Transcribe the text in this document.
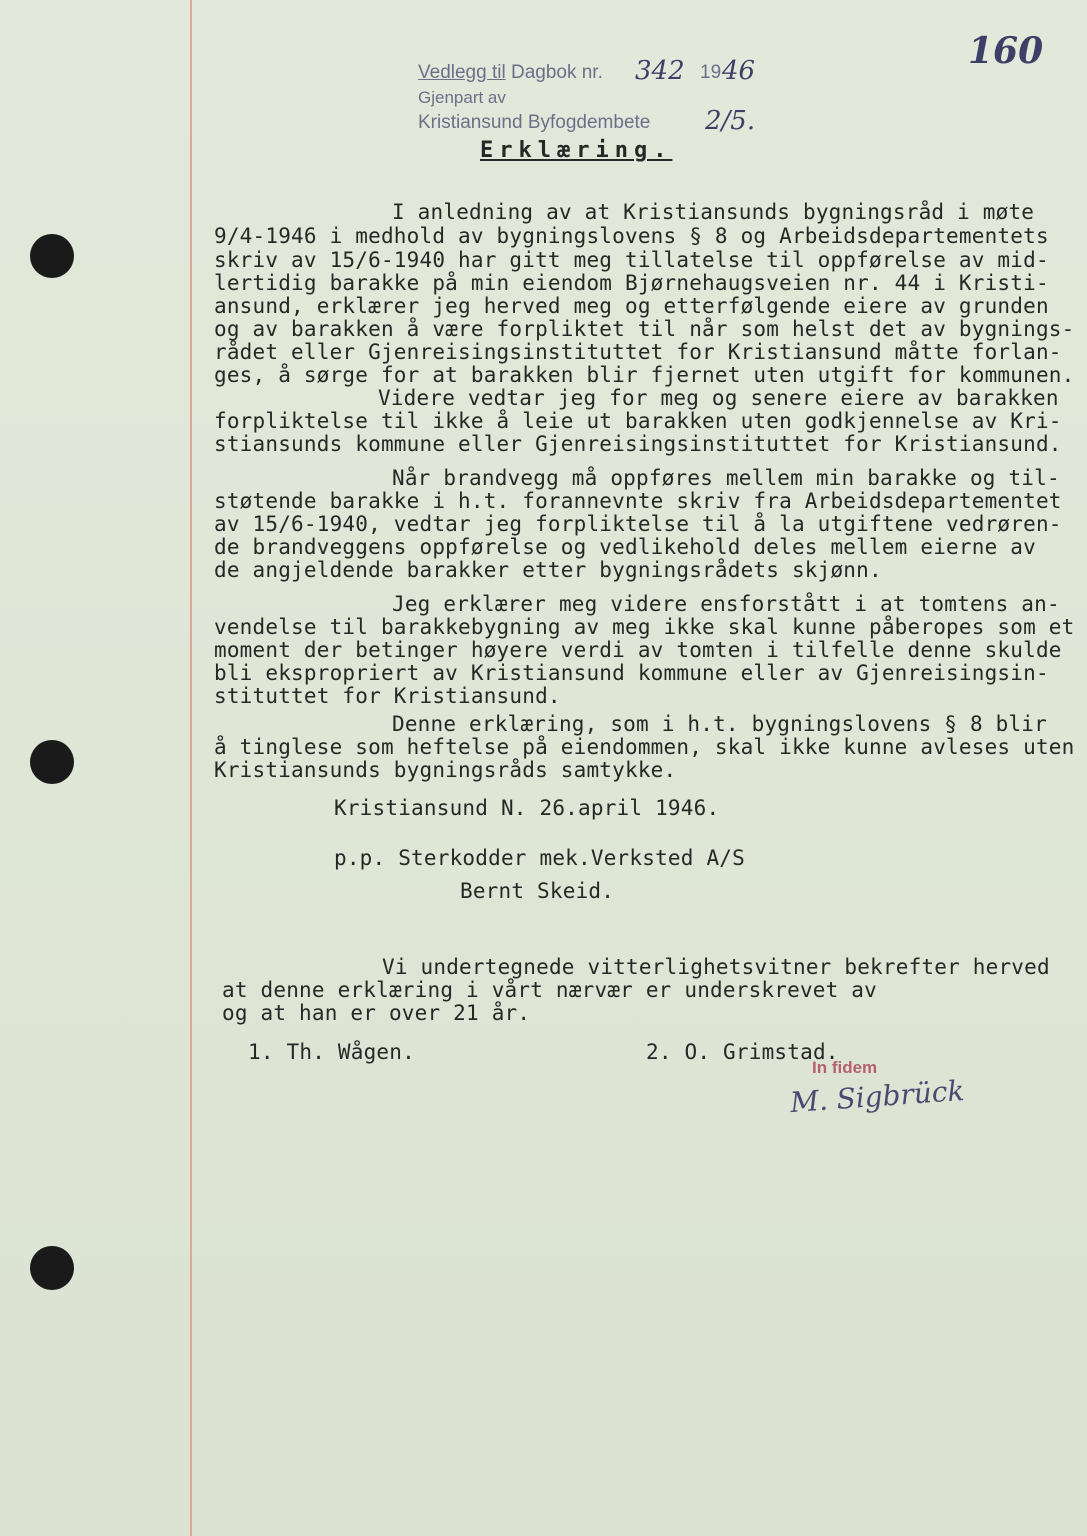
Vedlegg til Dagbok nr. 342 19 46
Gjenpart av
Kristiansund Byfogdembete 2/5.
160
Erklæring.
I anledning av at Kristiansunds bygningsråd i møte
9/4-1946 i medhold av bygningslovens § 8 og Arbeidsdepartementets
skriv av 15/6-1940 har gitt meg tillatelse til oppførelse av mid-
lertidig barakke på min eiendom Bjørnehaugsveien nr. 44 i Kristi-
ansund, erklærer jeg herved meg og etterfølgende eiere av grunden
og av barakken å være forpliktet til når som helst det av bygnings-
rådet eller Gjenreisingsinstituttet for Kristiansund måtte forlan-
ges, å sørge for at barakken blir fjernet uten utgift for kommunen.
Videre vedtar jeg for meg og senere eiere av barakken
forpliktelse til ikke å leie ut barakken uten godkjennelse av Kri-
stiansunds kommune eller Gjenreisingsinstituttet for Kristiansund.
Når brandvegg må oppføres mellem min barakke og til-
støtende barakke i h.t. forannevnte skriv fra Arbeidsdepartementet
av 15/6-1940, vedtar jeg forpliktelse til å la utgiftene vedrøren-
de brandveggens oppførelse og vedlikehold deles mellem eierne av
de angjeldende barakker etter bygningsrådets skjønn.
Jeg erklærer meg videre ensforstått i at tomtens an-
vendelse til barakkebygning av meg ikke skal kunne påberopes som et
moment der betinger høyere verdi av tomten i tilfelle denne skulde
bli ekspropriert av Kristiansund kommune eller av Gjenreisingsin-
stituttet for Kristiansund.
Denne erklæring, som i h.t. bygningslovens § 8 blir
å tinglese som heftelse på eiendommen, skal ikke kunne avleses uten
Kristiansunds bygningsråds samtykke.
Kristiansund N. 26.april 1946.
p.p. Sterkodder mek.Verksted A/S
Bernt Skeid.
Vi undertegnede vitterlighetsvitner bekrefter herved
at denne erklæring i vårt nærvær er underskrevet av
og at han er over 21 år.
1. Th. Wågen.	2. O. Grimstad.
In fidem
M. Sigbrück
